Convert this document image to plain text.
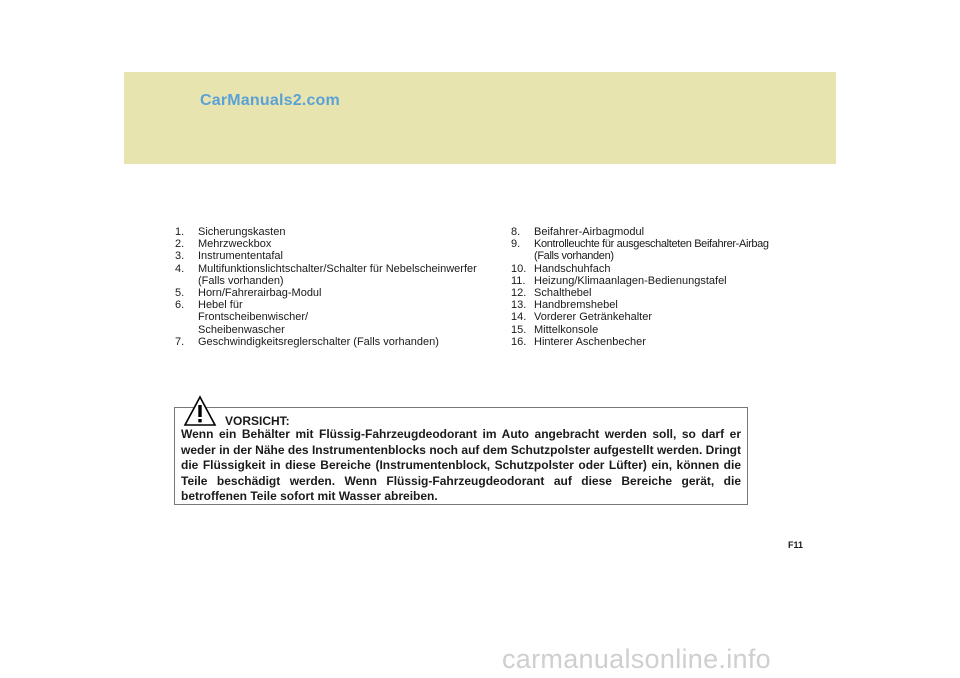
CarManuals2.com
1.	Sicherungskasten
2.	Mehrzweckbox
3.	Instrumententafal
4.	Multifunktionslichtschalter/Schalter für Nebelscheinwerfer (Falls vorhanden)
5.	Horn/Fahrerairbag-Modul
6.	Hebel für Frontscheibenwischer/ Scheibenwascher
7.	Geschwindigkeitsreglerschalter (Falls vorhanden)
8.	Beifahrer-Airbagmodul
9.	Kontrolleuchte für ausgeschalteten Beifahrer-Airbag (Falls vorhanden)
10. Handschuhfach
11. Heizung/Klimaanlagen-Bedienungstafel
12. Schalthebel
13. Handbremshebel
14. Vorderer Getränkehalter
15. Mittelkonsole
16. Hinterer Aschenbecher
VORSICHT:
Wenn ein Behälter mit Flüssig-Fahrzeugdeodorant im Auto angebracht werden soll, so darf er weder in der Nähe des Instrumentenblocks noch auf dem Schutzpolster aufgestellt werden. Dringt die Flüssigkeit in diese Bereiche (Instrumentenblock, Schutzpolster oder Lüfter) ein, können die Teile beschädigt werden. Wenn Flüssig-Fahrzeugdeodorant auf diese Bereiche gerät, die betroffenen Teile sofort mit Wasser abreiben.
F11
carmanualsonline.info
